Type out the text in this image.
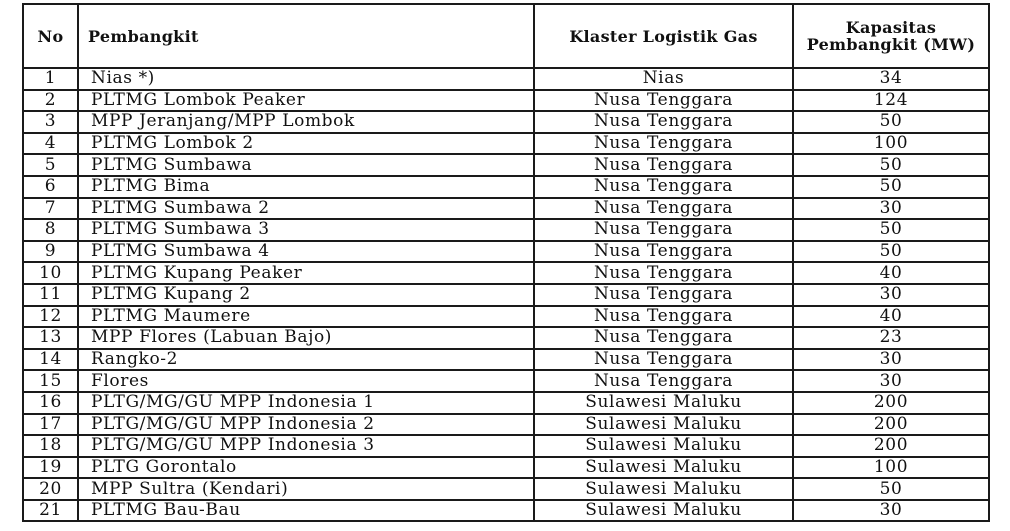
No	Pembangkit	Klaster Logistik Gas	Kapasitas Pembangkit (MW)
1	Nias *)	Nias	34
2	PLTMG Lombok Peaker	Nusa Tenggara	124
3	MPP Jeranjang/MPP Lombok	Nusa Tenggara	50
4	PLTMG Lombok 2	Nusa Tenggara	100
5	PLTMG Sumbawa	Nusa Tenggara	50
6	PLTMG Bima	Nusa Tenggara	50
7	PLTMG Sumbawa 2	Nusa Tenggara	30
8	PLTMG Sumbawa 3	Nusa Tenggara	50
9	PLTMG Sumbawa 4	Nusa Tenggara	50
10	PLTMG Kupang Peaker	Nusa Tenggara	40
11	PLTMG Kupang 2	Nusa Tenggara	30
12	PLTMG Maumere	Nusa Tenggara	40
13	MPP Flores (Labuan Bajo)	Nusa Tenggara	23
14	Rangko-2	Nusa Tenggara	30
15	Flores	Nusa Tenggara	30
16	PLTG/MG/GU MPP Indonesia 1	Sulawesi Maluku	200
17	PLTG/MG/GU MPP Indonesia 2	Sulawesi Maluku	200
18	PLTG/MG/GU MPP Indonesia 3	Sulawesi Maluku	200
19	PLTG Gorontalo	Sulawesi Maluku	100
20	MPP Sultra (Kendari)	Sulawesi Maluku	50
21	PLTMG Bau-Bau	Sulawesi Maluku	30
